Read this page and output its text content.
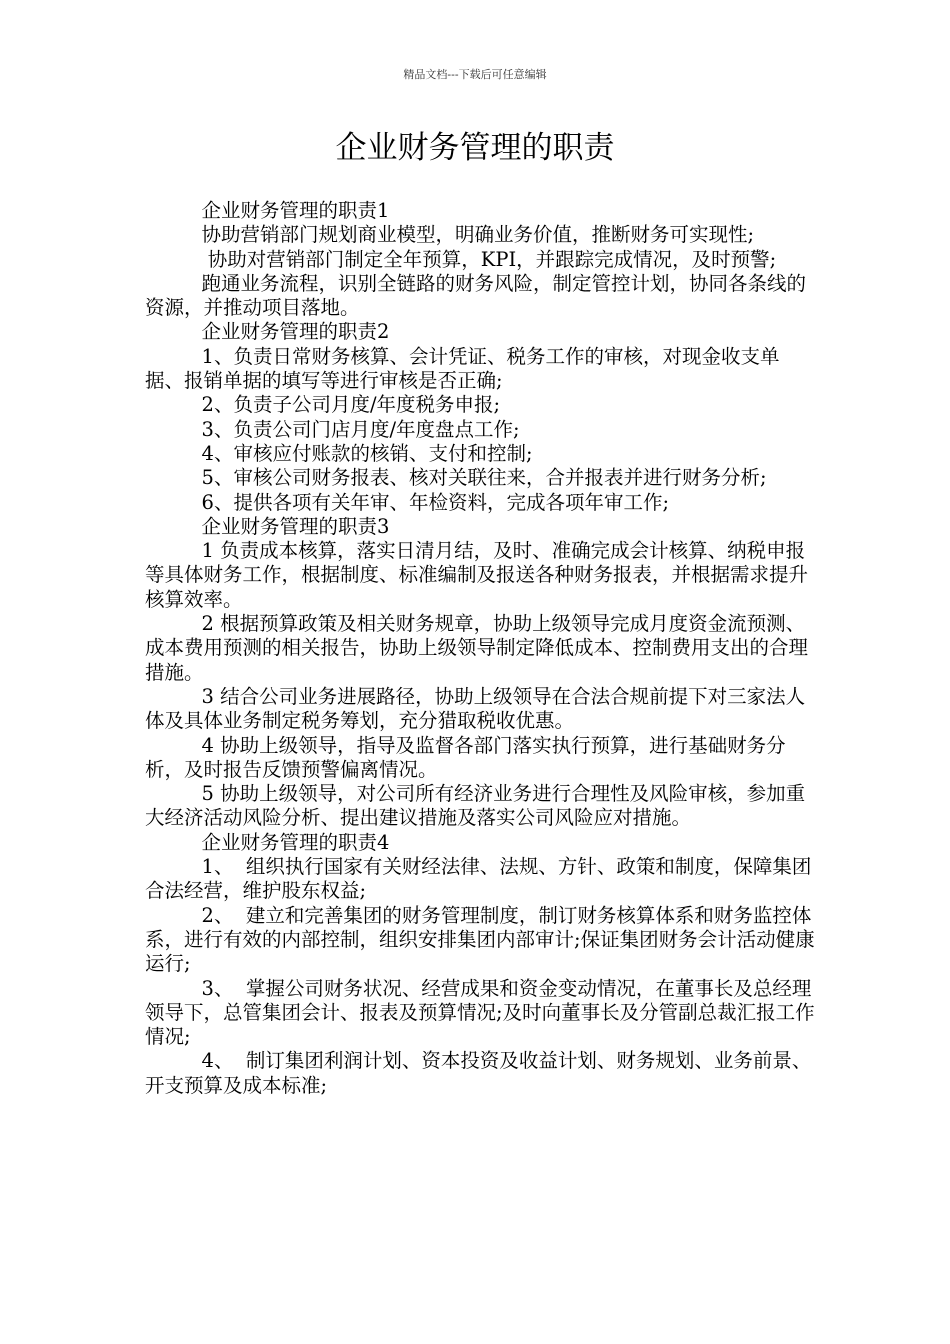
精品文档---下载后可任意编辑
企业财务管理的职责

企业财务管理的职责1

协助营销部门规划商业模型，明确业务价值，推断财务可实现性;

协助对营销部门制定全年预算，KPI，并跟踪完成情况，及时预警;

跑通业务流程，识别全链路的财务风险，制定管控计划，协同各条线的资源，并推动项目落地。

企业财务管理的职责2

1、负责日常财务核算、会计凭证、税务工作的审核，对现金收支单据、报销单据的填写等进行审核是否正确;

2、负责子公司月度/年度税务申报;

3、负责公司门店月度/年度盘点工作;

4、审核应付账款的核销、支付和控制;

5、审核公司财务报表、核对关联往来，合并报表并进行财务分析;

6、提供各项有关年审、年检资料，完成各项年审工作;

企业财务管理的职责3

1 负责成本核算，落实日清月结，及时、准确完成会计核算、纳税申报等具体财务工作，根据制度、标准编制及报送各种财务报表，并根据需求提升核算效率。

2 根据预算政策及相关财务规章，协助上级领导完成月度资金流预测、成本费用预测的相关报告，协助上级领导制定降低成本、控制费用支出的合理措施。

3 结合公司业务进展路径，协助上级领导在合法合规前提下对三家法人体及具体业务制定税务筹划，充分猎取税收优惠。

4 协助上级领导，指导及监督各部门落实执行预算，进行基础财务分析，及时报告反馈预警偏离情况。

5 协助上级领导，对公司所有经济业务进行合理性及风险审核，参加重大经济活动风险分析、提出建议措施及落实公司风险应对措施。

企业财务管理的职责4

1、  组织执行国家有关财经法律、法规、方针、政策和制度，保障集团合法经营，维护股东权益;

2、  建立和完善集团的财务管理制度，制订财务核算体系和财务监控体系，进行有效的内部控制，组织安排集团内部审计;保证集团财务会计活动健康运行;

3、  掌握公司财务状况、经营成果和资金变动情况，在董事长及总经理领导下，总管集团会计、报表及预算情况;及时向董事长及分管副总裁汇报工作情况;

4、  制订集团利润计划、资本投资及收益计划、财务规划、业务前景、开支预算及成本标准;
